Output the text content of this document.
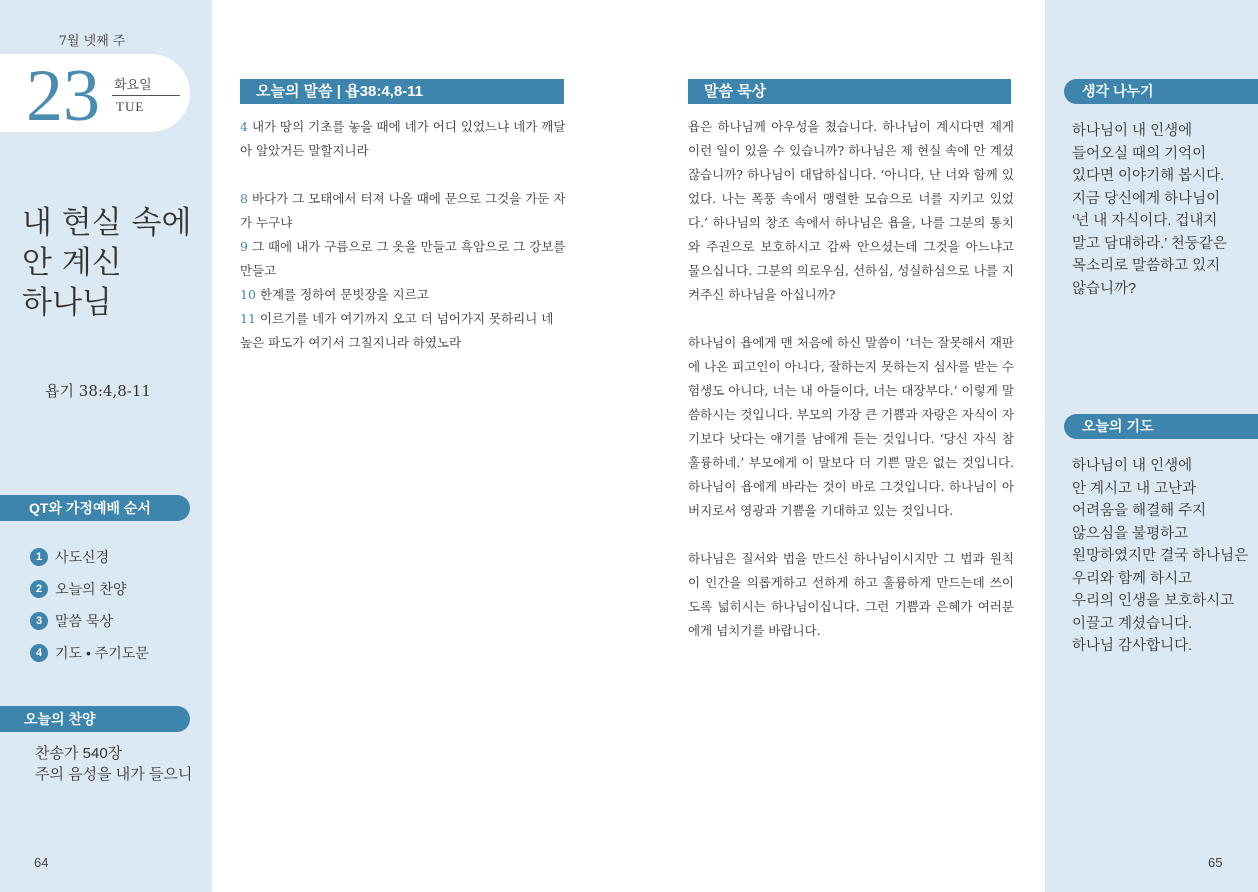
7월 넷째 주
23 화요일
TUE
내 현실 속에
안 계신
하나님
욥기 38:4,8-11
QT와 가정예배 순서
1 사도신경
2 오늘의 찬양
3 말씀 묵상
4 기도 • 주기도문
오늘의 찬양
찬송가 540장
주의 음성을 내가 들으니
64
오늘의 말씀 | 욥38:4,8-11

4 내가 땅의 기초를 놓을 때에 네가 어디 있었느냐 네가 깨달아 알았거든 말할지니라

8 바다가 그 모태에서 터져 나올 때에 문으로 그것을 가둔 자가 누구냐

9 그 때에 내가 구름으로 그 옷을 만들고 흑암으로 그 강보를 만들고

10 한계를 정하여 문빗장을 지르고

11 이르기를 네가 여기까지 오고 더 넘어가지 못하리니 네 높은 파도가 여기서 그칠지니라 하였노라

말씀 묵상

욥은 하나님께 아우성을 쳤습니다. 하나님이 계시다면 제게 이런 일이 있을 수 있습니까? 하나님은 제 현실 속에 안 계셨잖습니까? 하나님이 대답하십니다. ‘아니다, 난 너와 함께 있었다. 나는 폭풍 속에서 맹렬한 모습으로 너를 지키고 있었다.’ 하나님의 창조 속에서 하나님은 욥을, 나를 그분의 통치와 주권으로 보호하시고 감싸 안으셨는데 그것을 아느냐고 물으십니다. 그분의 의로우심, 선하심, 성실하심으로 나를 지켜주신 하나님을 아십니까?

하나님이 욥에게 맨 처음에 하신 말씀이 ‘너는 잘못해서 재판에 나온 피고인이 아니다, 잘하는지 못하는지 심사를 받는 수험생도 아니다, 너는 내 아들이다, 너는 대장부다.’ 이렇게 말씀하시는 것입니다. 부모의 가장 큰 기쁨과 자랑은 자식이 자기보다 낫다는 얘기를 남에게 듣는 것입니다. ‘당신 자식 참 훌륭하네.’ 부모에게 이 말보다 더 기쁜 말은 없는 것입니다. 하나님이 욥에게 바라는 것이 바로 그것입니다. 하나님이 아버지로서 영광과 기쁨을 기대하고 있는 것입니다.

하나님은 질서와 법을 만드신 하나님이시지만 그 법과 원칙이 인간을 의롭게하고 선하게 하고 훌륭하게 만드는데 쓰이도록 넓히시는 하나님이십니다. 그런 기쁨과 은혜가 여러분에게 넘치기를 바랍니다.

생각 나누기
하나님이 내 인생에
들어오실 때의 기억이
있다면 이야기해 봅시다.
지금 당신에게 하나님이
‘넌 내 자식이다. 겁내지
말고 담대하라.’ 천둥같은
목소리로 말씀하고 있지
않습니까?
오늘의 기도
하나님이 내 인생에
안 계시고 내 고난과
어려움을 해결해 주지
않으심을 불평하고
원망하였지만 결국 하나님은
우리와 함께 하시고
우리의 인생을 보호하시고
이끌고 계셨습니다.
하나님 감사합니다.
65
